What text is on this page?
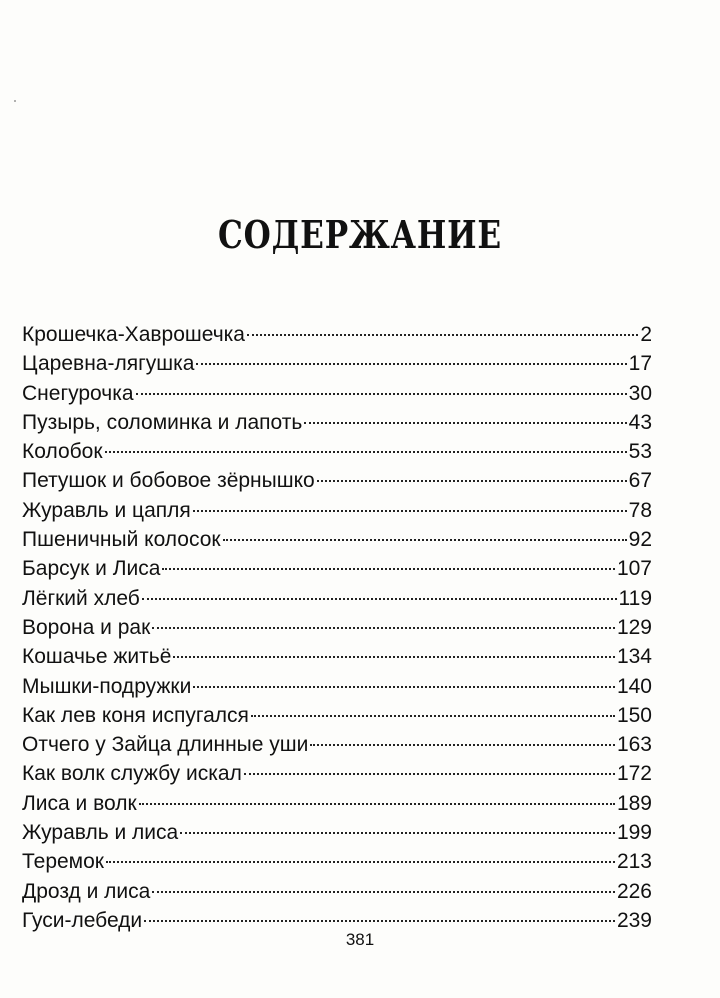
СОДЕРЖАНИЕ
Крошечка-Хаврошечка	2
Царевна-лягушка	17
Снегурочка	30
Пузырь, соломинка и лапоть	43
Колобок	53
Петушок и бобовое зёрнышко	67
Журавль и цапля	78
Пшеничный колосок	92
Барсук и Лиса	107
Лёгкий хлеб	119
Ворона и рак	129
Кошачье житьё	134
Мышки-подружки	140
Как лев коня испугался	150
Отчего у Зайца длинные уши	163
Как волк службу искал	172
Лиса и волк	189
Журавль и лиса	199
Теремок	213
Дрозд и лиса	226
Гуси-лебеди	239
381
